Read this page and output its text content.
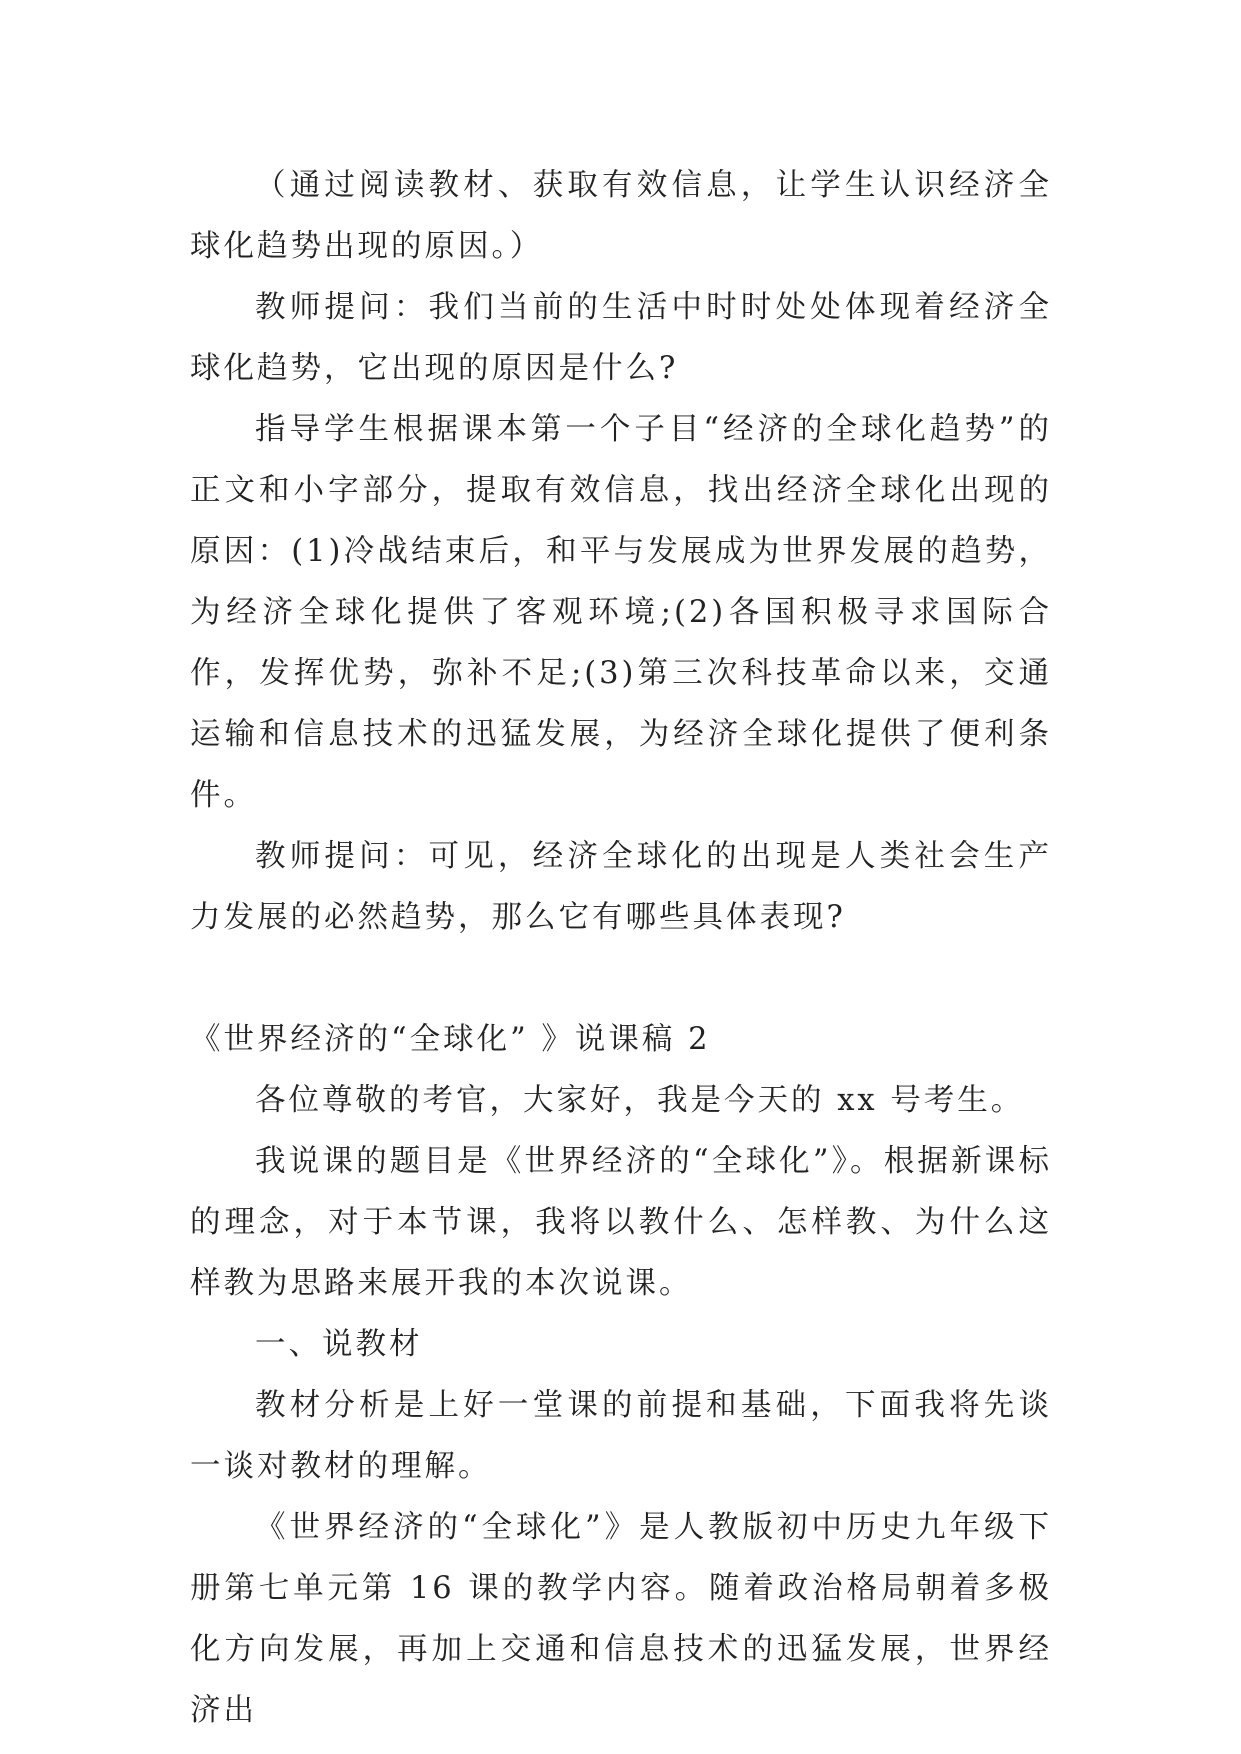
（通过阅读教材、获取有效信息，让学生认识经济全球化趋势出现的原因。）

教师提问：我们当前的生活中时时处处体现着经济全球化趋势，它出现的原因是什么?

指导学生根据课本第一个子目“经济的全球化趋势”的正文和小字部分，提取有效信息，找出经济全球化出现的原因：(1)冷战结束后，和平与发展成为世界发展的趋势，为经济全球化提供了客观环境;(2)各国积极寻求国际合作，发挥优势，弥补不足;(3)第三次科技革命以来，交通运输和信息技术的迅猛发展，为经济全球化提供了便利条件。

教师提问：可见，经济全球化的出现是人类社会生产力发展的必然趋势，那么它有哪些具体表现?

《世界经济的“全球化” 》说课稿 2

各位尊敬的考官，大家好，我是今天的 xx 号考生。

我说课的题目是《世界经济的“全球化”》。根据新课标的理念，对于本节课，我将以教什么、怎样教、为什么这样教为思路来展开我的本次说课。

一、说教材

教材分析是上好一堂课的前提和基础，下面我将先谈一谈对教材的理解。

《世界经济的“全球化”》是人教版初中历史九年级下册第七单元第 16 课的教学内容。随着政治格局朝着多极化方向发展，再加上交通和信息技术的迅猛发展，世界经济出
